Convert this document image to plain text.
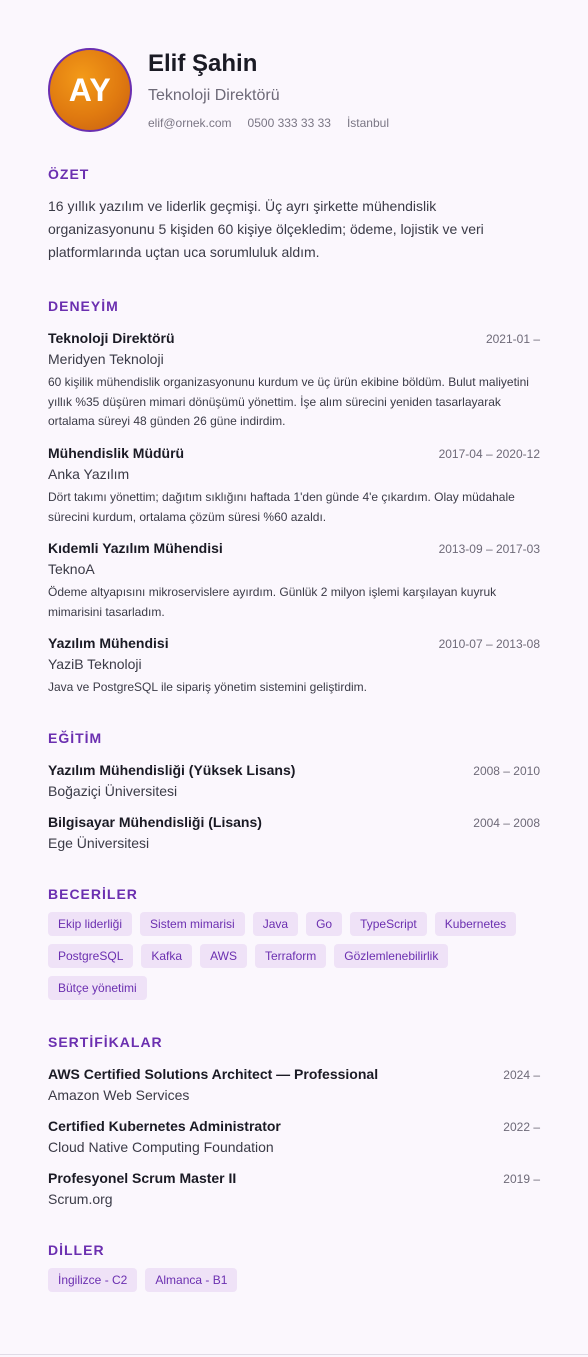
AY
Elif Şahin
Teknoloji Direktörü
elif@ornek.com 0500 333 33 33 İstanbul
ÖZET
16 yıllık yazılım ve liderlik geçmişi. Üç ayrı şirkette mühendislik organizasyonunu 5 kişiden 60 kişiye ölçekledim; ödeme, lojistik ve veri platformlarında uçtan uca sorumluluk aldım.
DENEYİM
Teknoloji Direktörü	2021-01 –
Meridyen Teknoloji
60 kişilik mühendislik organizasyonunu kurdum ve üç ürün ekibine böldüm. Bulut maliyetini yıllık %35 düşüren mimari dönüşümü yönettim. İşe alım sürecini yeniden tasarlayarak ortalama süreyi 48 günden 26 güne indirdim.
Mühendislik Müdürü	2017-04 – 2020-12
Anka Yazılım
Dört takımı yönettim; dağıtım sıklığını haftada 1'den günde 4'e çıkardım. Olay müdahale sürecini kurdum, ortalama çözüm süresi %60 azaldı.
Kıdemli Yazılım Mühendisi	2013-09 – 2017-03
TeknoA
Ödeme altyapısını mikroservislere ayırdım. Günlük 2 milyon işlemi karşılayan kuyruk mimarisini tasarladım.
Yazılım Mühendisi	2010-07 – 2013-08
YaziB Teknoloji
Java ve PostgreSQL ile sipariş yönetim sistemini geliştirdim.
EĞİTİM
Yazılım Mühendisliği (Yüksek Lisans)	2008 – 2010
Boğaziçi Üniversitesi
Bilgisayar Mühendisliği (Lisans)	2004 – 2008
Ege Üniversitesi
BECERİLER
Ekip liderliği	Sistem mimarisi	Java	Go	TypeScript	Kubernetes
PostgreSQL	Kafka	AWS	Terraform	Gözlemlenebilirlik
Bütçe yönetimi
SERTİFİKALAR
AWS Certified Solutions Architect — Professional	2024 –
Amazon Web Services
Certified Kubernetes Administrator	2022 –
Cloud Native Computing Foundation
Profesyonel Scrum Master II	2019 –
Scrum.org
DİLLER
İngilizce - C2	Almanca - B1
